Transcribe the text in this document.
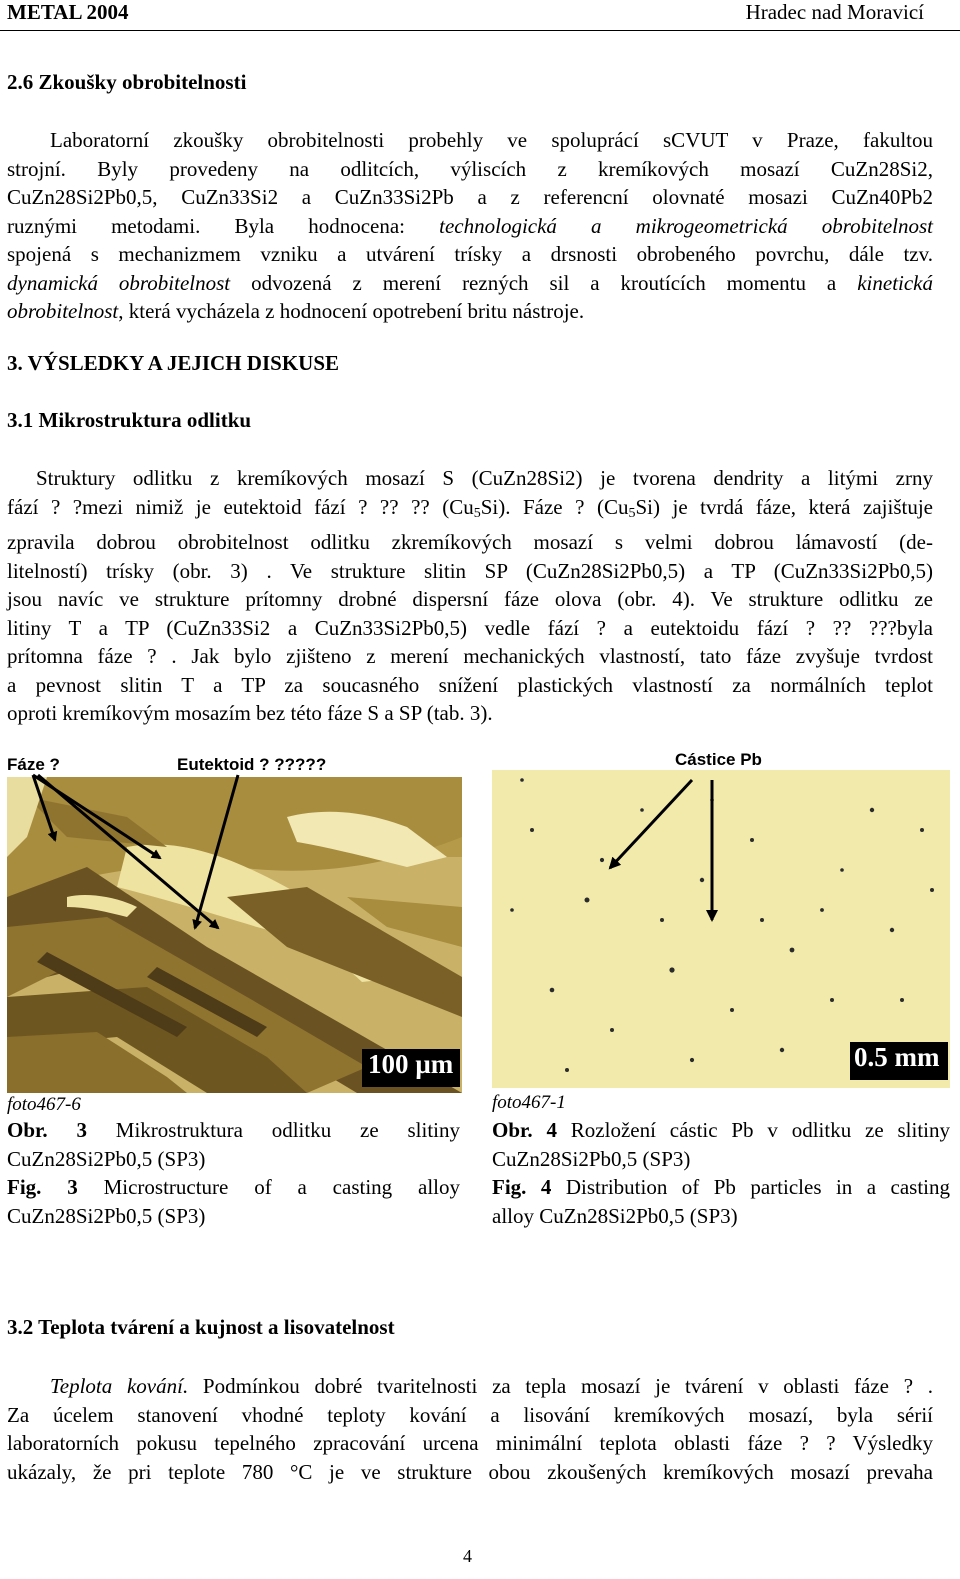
METAL 2004	Hradec nad Moravicí
2.6 Zkoušky obrobitelnosti
Laboratorní zkoušky obrobitelnosti probehly ve spoluprácí sCVUT v Praze, fakultou
strojní. Byly provedeny na odlitcích, výliscích z kremíkových mosazí CuZn28Si2,
CuZn28Si2Pb0,5, CuZn33Si2 a CuZn33Si2Pb a z referencní olovnaté mosazi CuZn40Pb2
ruznými metodami. Byla hodnocena: technologická a mikrogeometrická obrobitelnost
spojená s mechanizmem vzniku a utvárení trísky a drsnosti obrobeného povrchu, dále tzv.
dynamická obrobitelnost odvozená z merení rezných sil a kroutících momentu a kinetická
obrobitelnost, která vycházela z hodnocení opotrebení britu nástroje.
3. VÝSLEDKY A JEJICH DISKUSE
3.1 Mikrostruktura odlitku
Struktury odlitku z kremíkových mosazí S (CuZn28Si2) je tvorena dendrity a litými zrny
fází ? ?mezi nimiž je eutektoid fází ? ?? ?? $(Cu_5Si)$. Fáze ? $(Cu_5Si)$ je tvrdá fáze, která zajištuje
zpravila dobrou obrobitelnost odlitku zkremíkových mosazí s velmi dobrou lámavostí (de-
litelností) trísky (obr. 3) . Ve strukture slitin SP (CuZn28Si2Pb0,5) a TP (CuZn33Si2Pb0,5)
jsou navíc ve strukture prítomny drobné dispersní fáze olova (obr. 4). Ve strukture odlitku ze
litiny T a TP (CuZn33Si2 a CuZn33Si2Pb0,5) vedle fází ? a eutektoidu fází ? ?? ???byla
prítomna fáze ? . Jak bylo zjišteno z merení mechanických vlastností, tato fáze zvyšuje tvrdost
a pevnost slitin T a TP za soucasného snížení plastických vlastností za normálních teplot
oproti kremíkovým mosazím bez této fáze S a SP (tab. 3).
Fáze ?	Eutektoid ? ?????
100 µm
foto467-6
Obr. 3 Mikrostruktura odlitku ze slitiny
CuZn28Si2Pb0,5 (SP3)
Fig. 3 Microstructure of a casting alloy
CuZn28Si2Pb0,5 (SP3)
Cástice Pb
0.5 mm
foto467-1
Obr. 4 Rozložení cástic Pb v odlitku ze slitiny
CuZn28Si2Pb0,5 (SP3)
Fig. 4 Distribution of Pb particles in a casting
alloy CuZn28Si2Pb0,5 (SP3)
3.2 Teplota tvárení a kujnost a lisovatelnost
Teplota kování. Podmínkou dobré tvaritelnosti za tepla mosazí je tvárení v oblasti fáze ? .
Za úcelem stanovení vhodné teploty kování a lisování kremíkových mosazí, byla sérií
laboratorních pokusu tepelného zpracování urcena minimální teplota oblasti fáze ? ? Výsledky
ukázaly, že pri teplote 780 °C je ve strukture obou zkoušených kremíkových mosazí prevaha
4
